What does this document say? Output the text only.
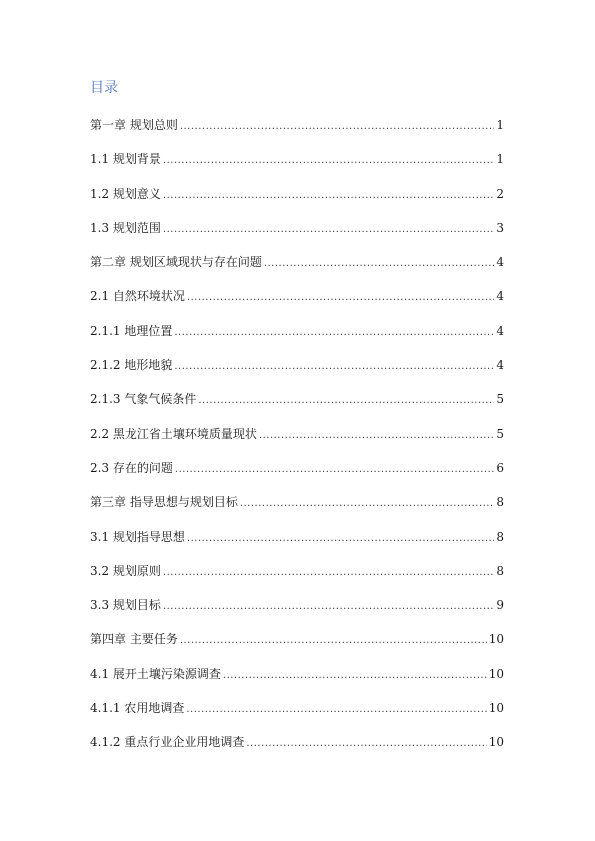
目录
第一章 规划总则 .....	1
1.1 规划背景 .....	1
1.2 规划意义 .....	2
1.3 规划范围 .....	3
第二章 规划区域现状与存在问题 .....	4
2.1 自然环境状况 .....	4
2.1.1 地理位置 .....	4
2.1.2 地形地貌 .....	4
2.1.3 气象气候条件 .....	5
2.2 黑龙江省土壤环境质量现状 .....	5
2.3 存在的问题 .....	6
第三章 指导思想与规划目标 .....	8
3.1 规划指导思想 .....	8
3.2 规划原则 .....	8
3.3 规划目标 .....	9
第四章 主要任务 .....	10
4.1 展开土壤污染源调查 .....	10
4.1.1 农用地调查 .....	10
4.1.2 重点行业企业用地调查 .....	10
